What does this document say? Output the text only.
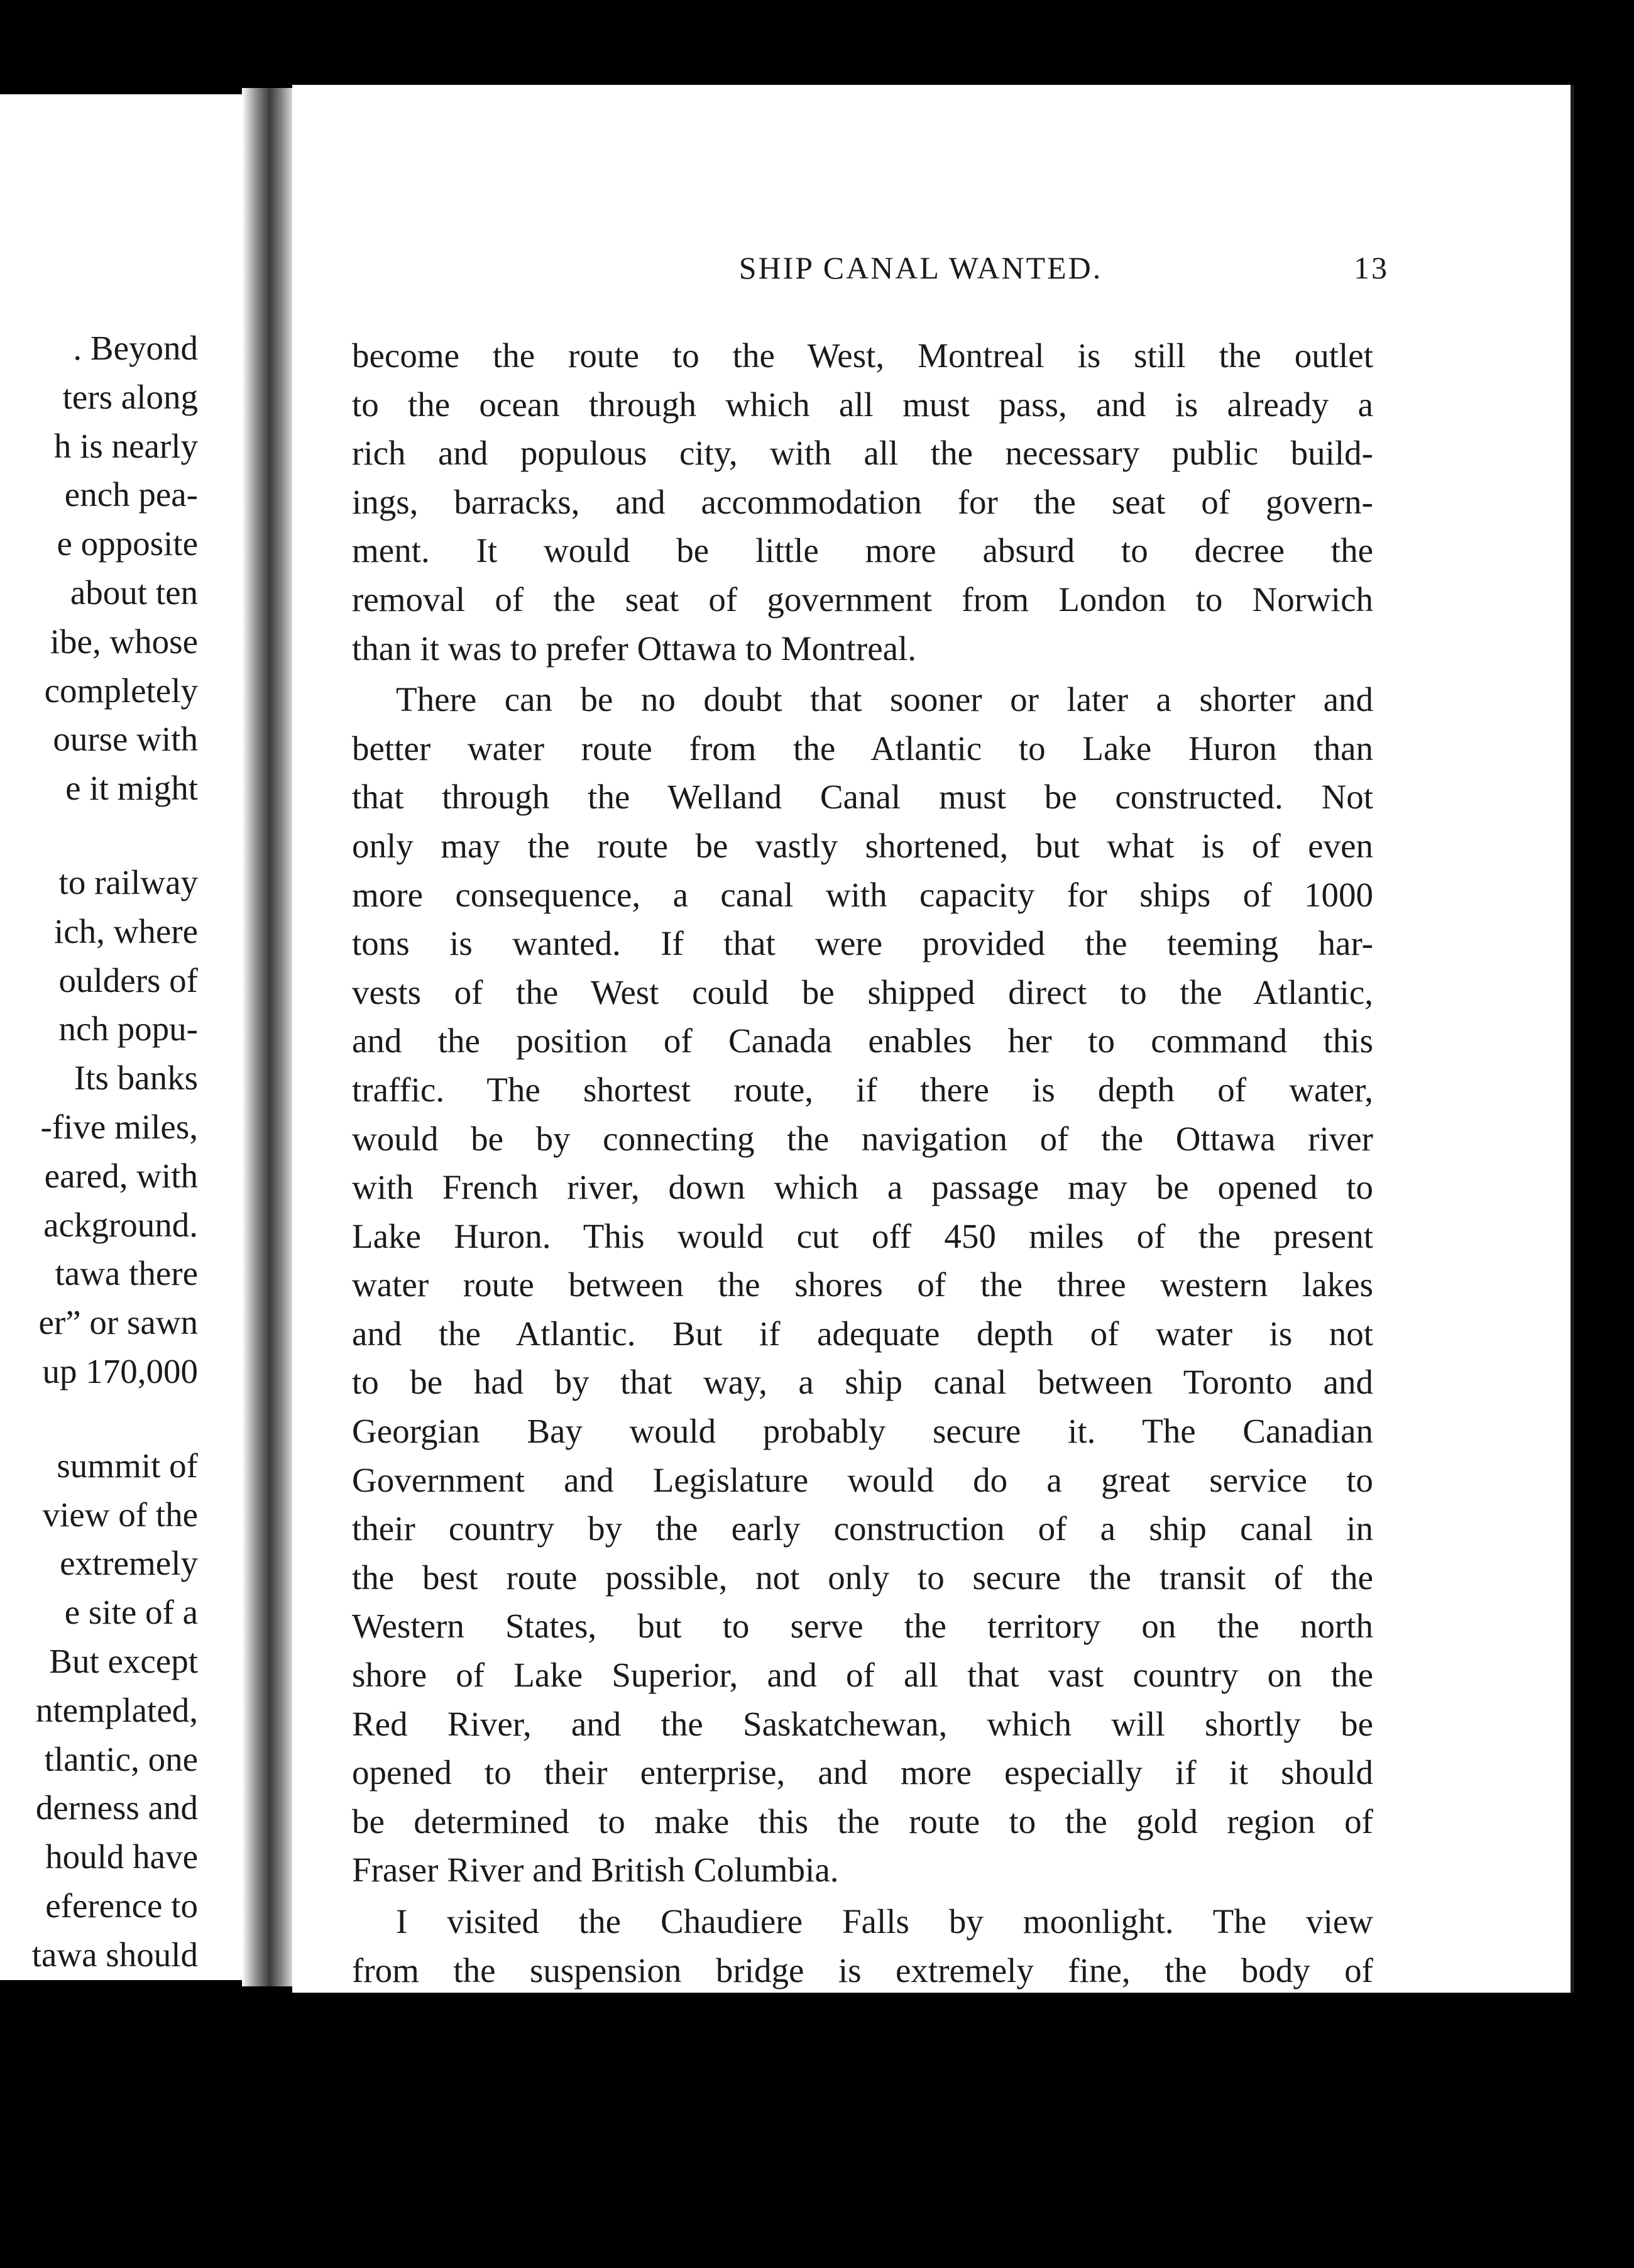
. Beyond
ters along
h is nearly
ench pea-
e opposite
about ten
ibe, whose
completely
ourse with
e it might
to railway
ich, where
oulders of
nch popu-
Its banks
-five miles,
eared, with
ackground.
tawa there
er” or sawn
up 170,000
summit of
view of the
extremely
e site of a
But except
ntemplated,
tlantic, one
derness and
hould have
eference to
tawa should
SHIP CANAL WANTED.	13
become the route to the West, Montreal is still the outlet
to the ocean through which all must pass, and is already a
rich and populous city, with all the necessary public build-
ings, barracks, and accommodation for the seat of govern-
ment. It would be little more absurd to decree the
removal of the seat of government from London to Norwich
than it was to prefer Ottawa to Montreal.
There can be no doubt that sooner or later a shorter and
better water route from the Atlantic to Lake Huron than
that through the Welland Canal must be constructed. Not
only may the route be vastly shortened, but what is of even
more consequence, a canal with capacity for ships of 1000
tons is wanted. If that were provided the teeming har-
vests of the West could be shipped direct to the Atlantic,
and the position of Canada enables her to command this
traffic. The shortest route, if there is depth of water,
would be by connecting the navigation of the Ottawa river
with French river, down which a passage may be opened to
Lake Huron. This would cut off 450 miles of the present
water route between the shores of the three western lakes
and the Atlantic. But if adequate depth of water is not
to be had by that way, a ship canal between Toronto and
Georgian Bay would probably secure it. The Canadian
Government and Legislature would do a great service to
their country by the early construction of a ship canal in
the best route possible, not only to secure the transit of the
Western States, but to serve the territory on the north
shore of Lake Superior, and of all that vast country on the
Red River, and the Saskatchewan, which will shortly be
opened to their enterprise, and more especially if it should
be determined to make this the route to the gold region of
Fraser River and British Columbia.
I visited the Chaudiere Falls by moonlight. The view
from the suspension bridge is extremely fine, the body of
